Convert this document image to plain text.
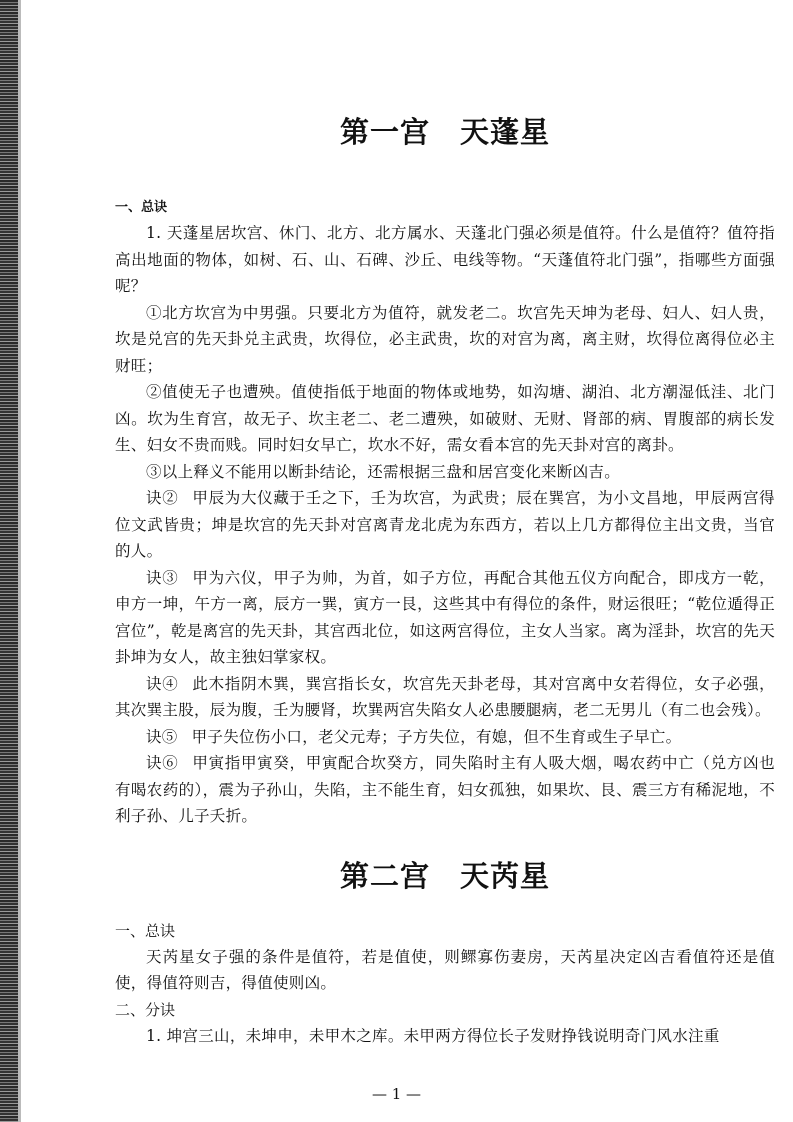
第一宫 天蓬星
一、总诀

1. 天蓬星居坎宫、休门、北方、北方属水、天蓬北门强必须是值符。什么是值符？值符指高出地面的物体，如树、石、山、石碑、沙丘、电线等物。“天蓬值符北门强”，指哪些方面强呢？

①北方坎宫为中男强。只要北方为值符，就发老二。坎宫先天坤为老母、妇人、妇人贵，坎是兑宫的先天卦兑主武贵，坎得位，必主武贵，坎的对宫为离，离主财，坎得位离得位必主财旺；

②值使无子也遭殃。值使指低于地面的物体或地势，如沟塘、湖泊、北方潮湿低洼、北门凶。坎为生育宫，故无子、坎主老二、老二遭殃，如破财、无财、肾部的病、胃腹部的病长发生、妇女不贵而贱。同时妇女早亡，坎水不好，需女看本宫的先天卦对宫的离卦。

③以上释义不能用以断卦结论，还需根据三盘和居宫变化来断凶吉。

诀② 甲辰为大仪藏于壬之下，壬为坎宫，为武贵；辰在巽宫，为小文昌地，甲辰两宫得位文武皆贵；坤是坎宫的先天卦对宫离青龙北虎为东西方，若以上几方都得位主出文贵，当官的人。

诀③ 甲为六仪，甲子为帅，为首，如子方位，再配合其他五仪方向配合，即戌方一乾，申方一坤，午方一离，辰方一巽，寅方一艮，这些其中有得位的条件，财运很旺；“乾位遁得正宫位”，乾是离宫的先天卦，其宫西北位，如这两宫得位，主女人当家。离为淫卦，坎宫的先天卦坤为女人，故主独妇掌家权。

诀④ 此木指阴木巽，巽宫指长女，坎宫先天卦老母，其对宫离中女若得位，女子必强，其次巽主股，辰为腹，壬为腰肾，坎巽两宫失陷女人必患腰腿病，老二无男儿（有二也会残）。

诀⑤ 甲子失位伤小口，老父元寿；子方失位，有媳，但不生育或生子早亡。

诀⑥ 甲寅指甲寅癸，甲寅配合坎癸方，同失陷时主有人吸大烟，喝农药中亡（兑方凶也有喝农药的），震为子孙山，失陷，主不能生育，妇女孤独，如果坎、艮、震三方有稀泥地，不利子孙、儿子夭折。

第二宫 天芮星
一、总诀

天芮星女子强的条件是值符，若是值使，则鳏寡伤妻房，天芮星决定凶吉看值符还是值使，得值符则吉，得值使则凶。

二、分诀

1. 坤宫三山，未坤申，未甲木之库。未甲两方得位长子发财挣钱说明奇门风水注重

— 1 —
